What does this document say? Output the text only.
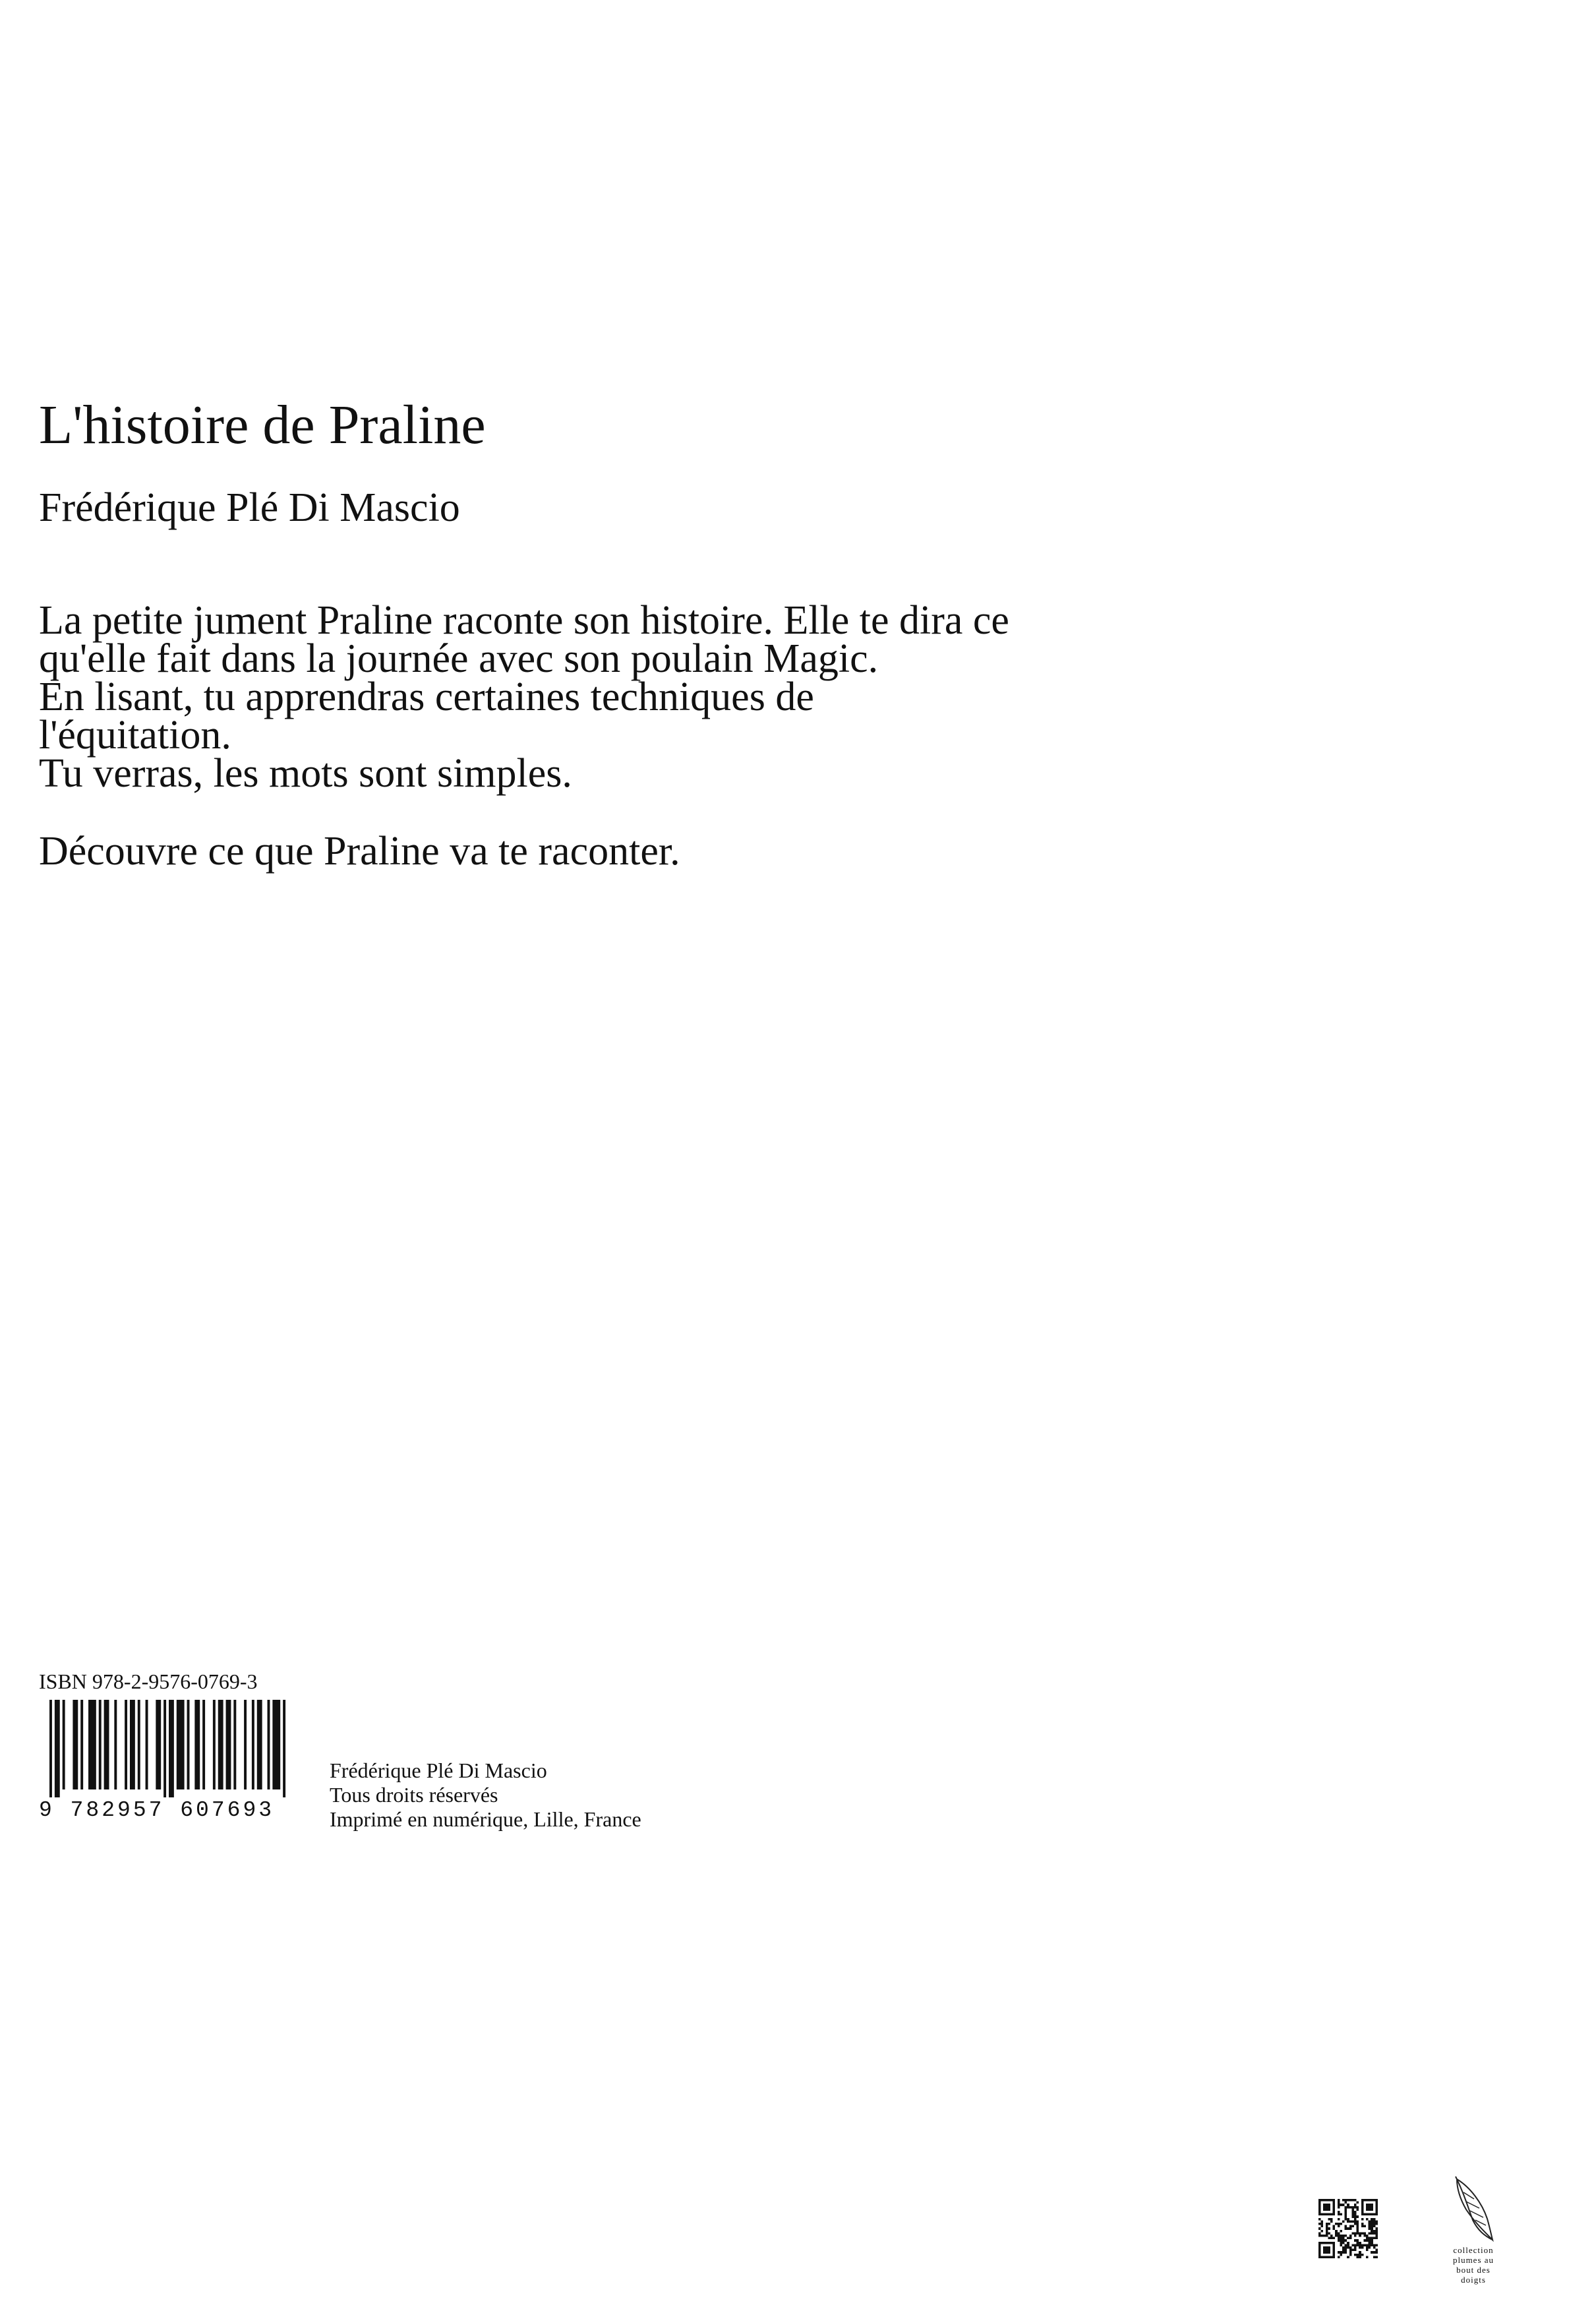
L'histoire de Praline
Frédérique Plé Di Mascio

La petite jument Praline raconte son histoire. Elle te dira ce

qu'elle fait dans la journée avec son poulain Magic.

En lisant, tu apprendras certaines techniques de

l'équitation.

Tu verras, les mots sont simples.

Découvre ce que Praline va te raconter.

ISBN 978-2-9576-0769-3
9 782957 607693
Frédérique Plé Di Mascio
Tous droits réservés
Imprimé en numérique, Lille, France
collection
plumes au
bout des
doigts
